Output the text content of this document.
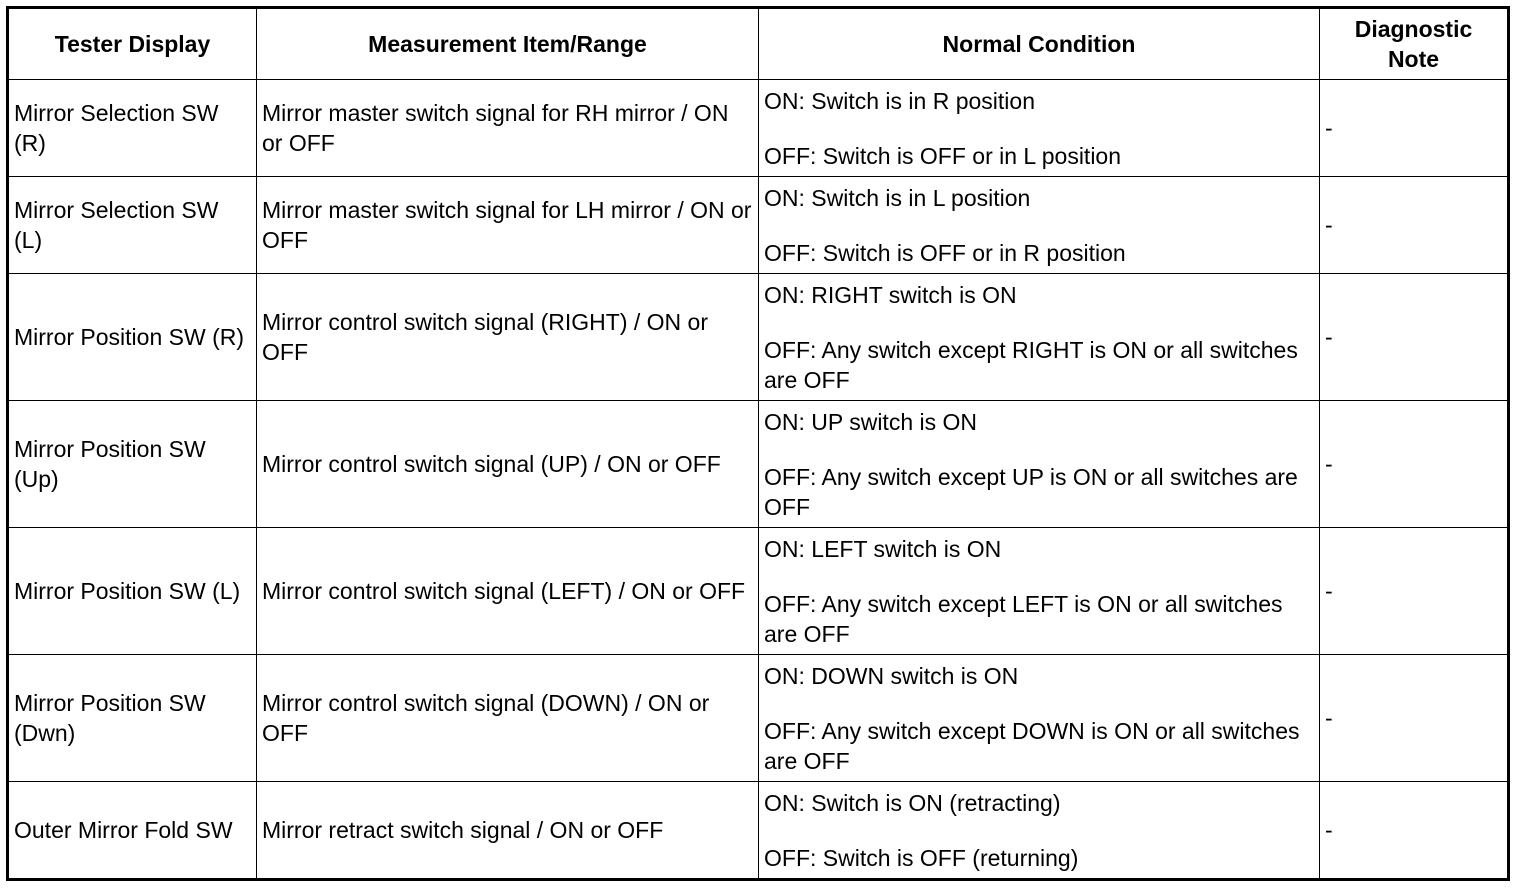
Tester Display	Measurement Item/Range	Normal Condition	Diagnostic
Note
Mirror Selection SW (R)	Mirror master switch signal for RH mirror / ON or OFF	ON: Switch is in R position
OFF: Switch is OFF or in L position	-
Mirror Selection SW (L)	Mirror master switch signal for LH mirror / ON or OFF	ON: Switch is in L position
OFF: Switch is OFF or in R position	-
Mirror Position SW (R)	Mirror control switch signal (RIGHT) / ON or OFF	ON: RIGHT switch is ON
OFF: Any switch except RIGHT is ON or all switches are OFF	-
Mirror Position SW (Up)	Mirror control switch signal (UP) / ON or OFF	ON: UP switch is ON
OFF: Any switch except UP is ON or all switches are OFF	-
Mirror Position SW (L)	Mirror control switch signal (LEFT) / ON or OFF	ON: LEFT switch is ON
OFF: Any switch except LEFT is ON or all switches are OFF	-
Mirror Position SW (Dwn)	Mirror control switch signal (DOWN) / ON or OFF	ON: DOWN switch is ON
OFF: Any switch except DOWN is ON or all switches are OFF	-
Outer Mirror Fold SW	Mirror retract switch signal / ON or OFF	ON: Switch is ON (retracting)
OFF: Switch is OFF (returning)	-
